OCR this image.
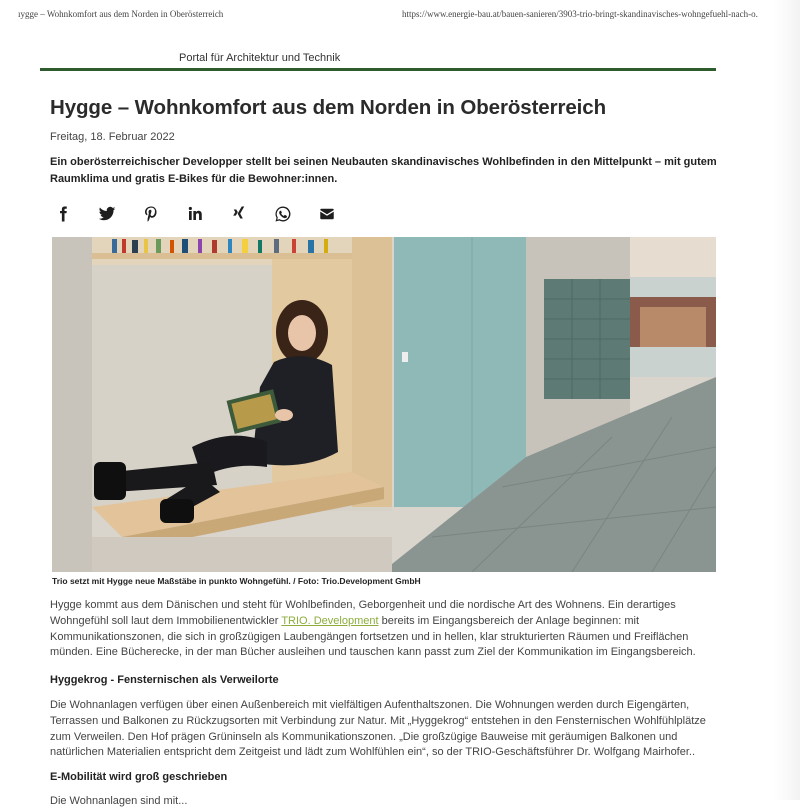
ıygge – Wohnkomfort aus dem Norden in Oberösterreich	https://www.energie-bau.at/bauen-sanieren/3903-trio-bringt-skandinavisches-wohngefuehl-nach-o.
Portal für Architektur und Technik
Hygge – Wohnkomfort aus dem Norden in Oberösterreich
Freitag, 18. Februar 2022
Ein oberösterreichischer Developper stellt bei seinen Neubauten skandinavisches Wohlbefinden in den Mittelpunkt – mit gutem Raumklima und gratis E-Bikes für die Bewohner:innen.
Trio setzt mit Hygge neue Maßstäbe in punkto Wohngefühl. / Foto: Trio.Development GmbH

Hygge kommt aus dem Dänischen und steht für Wohlbefinden, Geborgenheit und die nordische Art des Wohnens. Ein derartiges Wohngefühl soll laut dem Immobilienentwickler TRIO. Development bereits im Eingangsbereich der Anlage beginnen: mit Kommunikationszonen, die sich in großzügigen Laubengängen fortsetzen und in hellen, klar strukturierten Räumen und Freiflächen münden. Eine Bücherecke, in der man Bücher ausleihen und tauschen kann passt zum Ziel der Kommunikation im Eingangsbereich.

Hyggekrog - Fensternischen als Verweilorte

Die Wohnanlagen verfügen über einen Außenbereich mit vielfältigen Aufenthaltszonen. Die Wohnungen werden durch Eigengärten, Terrassen und Balkonen zu Rückzugsorten mit Verbindung zur Natur. Mit „Hyggekrog“ entstehen in den Fensternischen Wohlfühlplätze zum Verweilen. Den Hof prägen Grüninseln als Kommunikationszonen. „Die großzügige Bauweise mit geräumigen Balkonen und natürlichen Materialien entspricht dem Zeitgeist und lädt zum Wohlfühlen ein“, so der TRIO-Geschäftsführer Dr. Wolfgang Mairhofer..

E-Mobilität wird groß geschrieben

Die Wohnanlagen sind mit...
